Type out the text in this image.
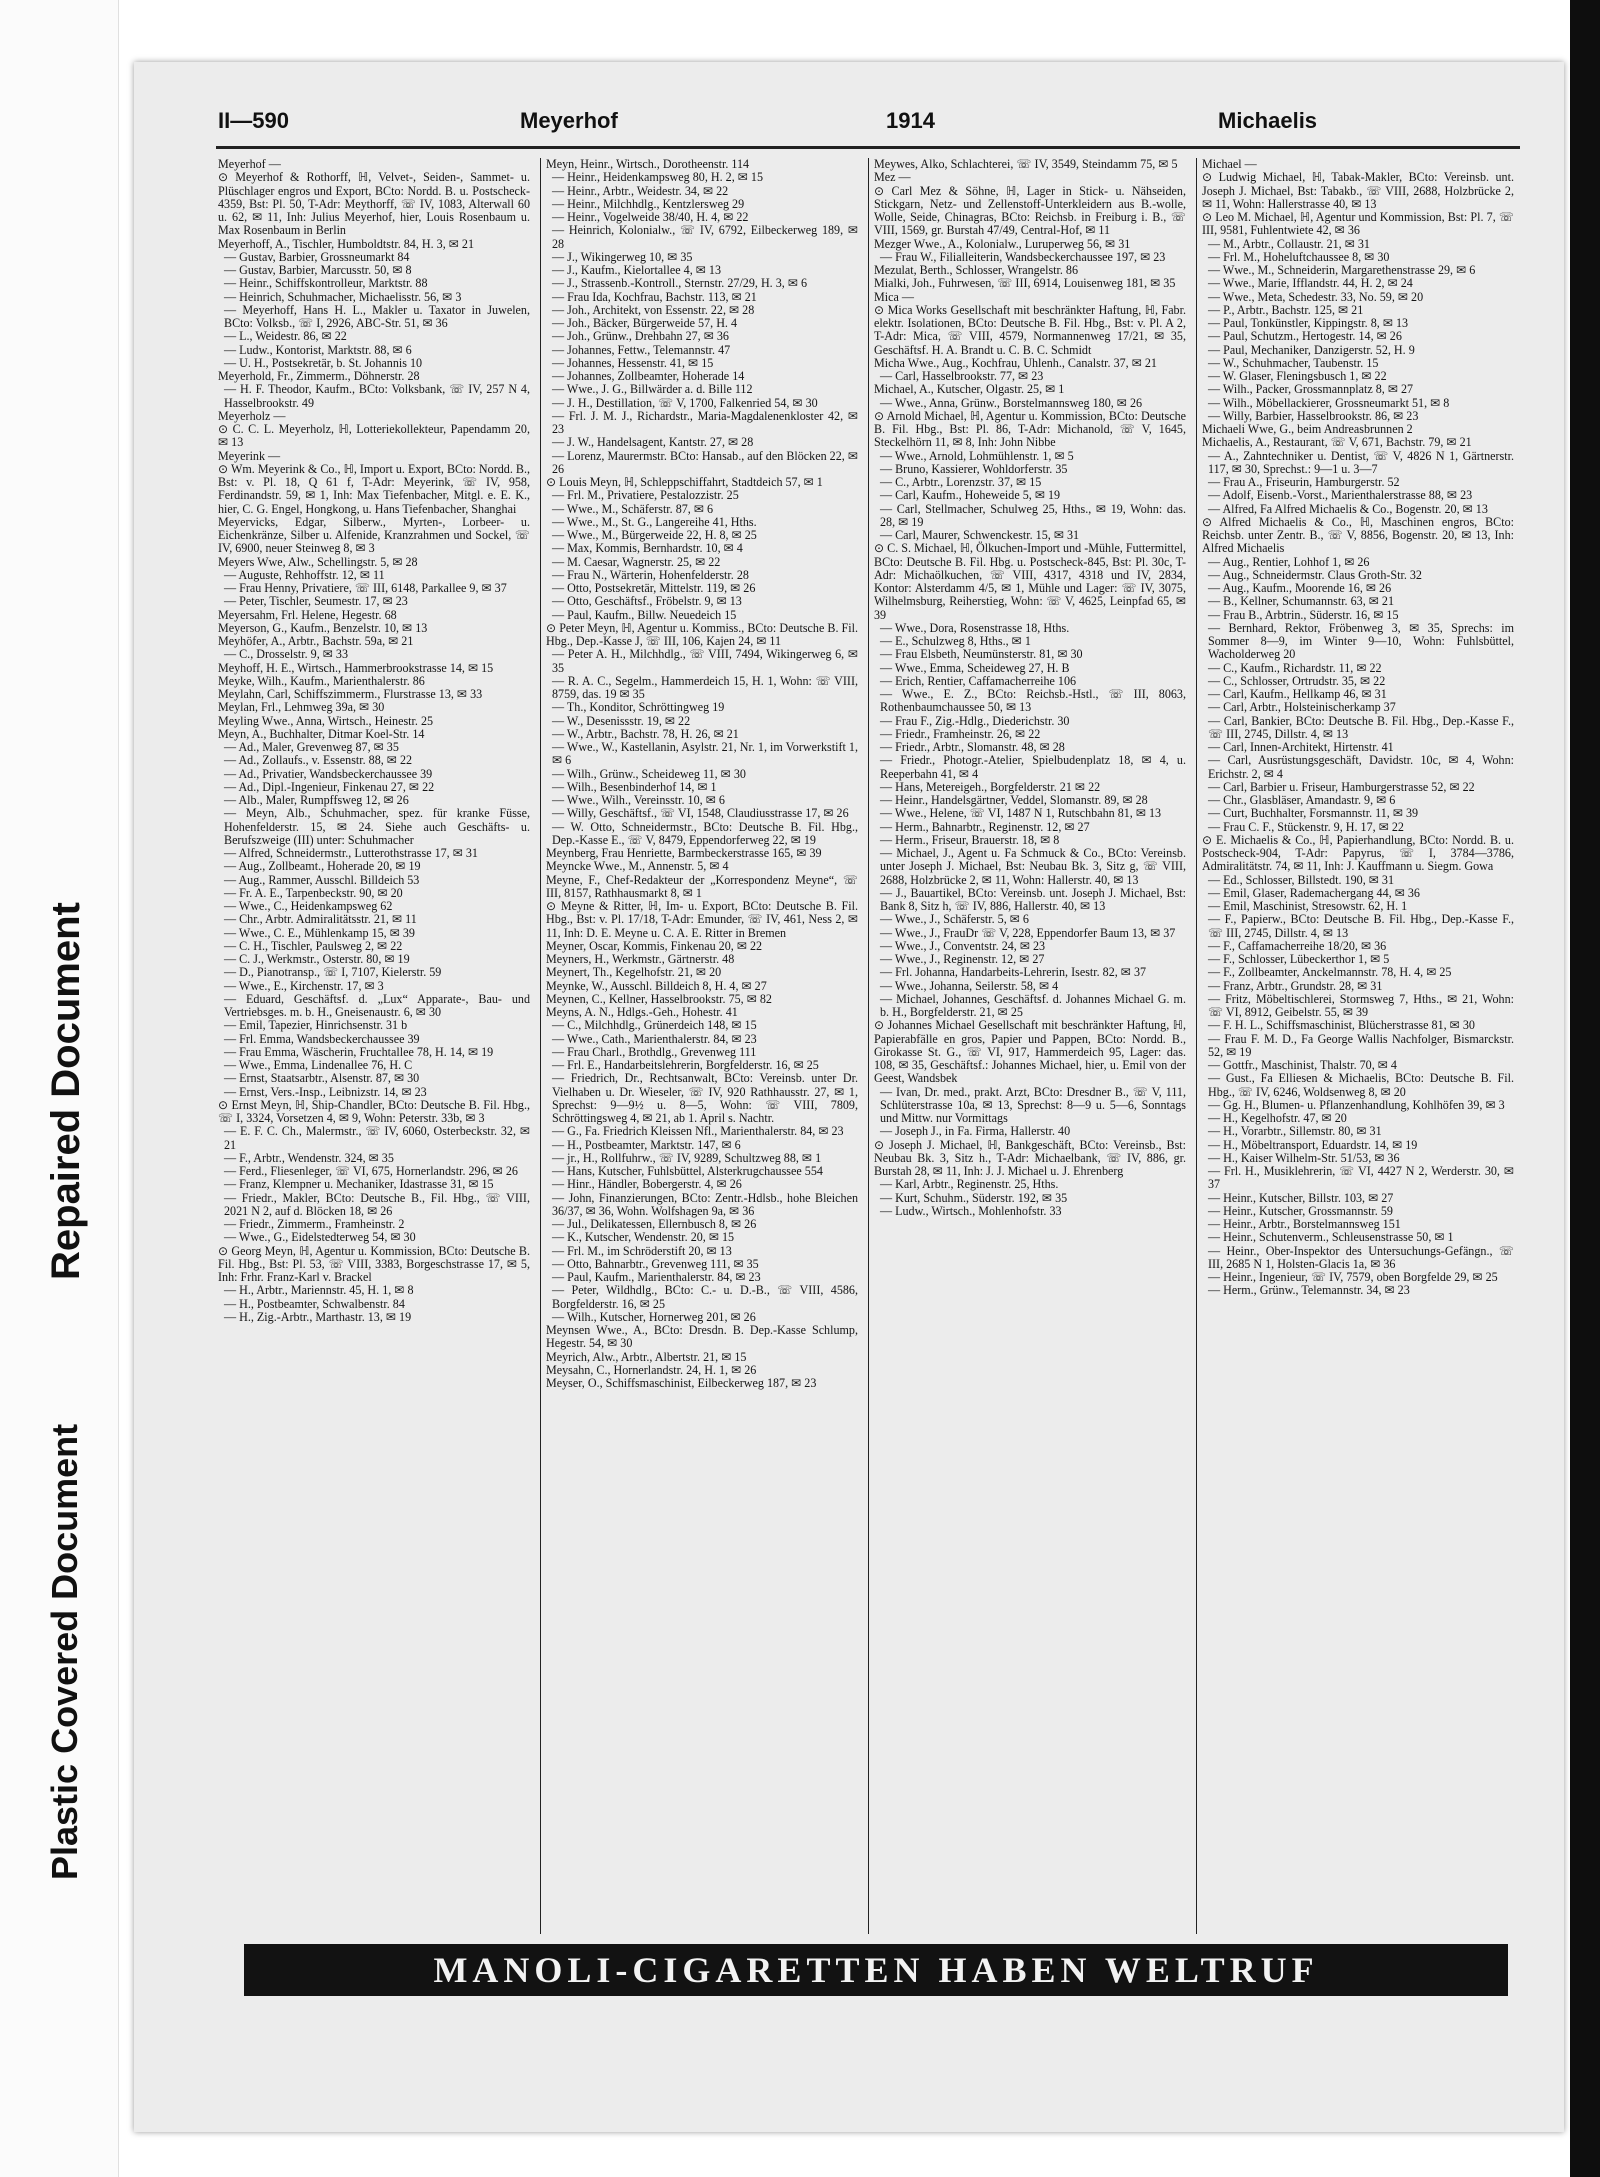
Repaired Document
Plastic Covered Document
II—590	Meyerhof	1914	Michaelis

Meyerhof —

⊙ Meyerhof & Rothorff, ℍ, Velvet-, Seiden-, Sammet- u. Plüschlager engros und Export, BCto: Nordd. B. u. Postscheck-4359, Bst: Pl. 50, T-Adr: Meythorff, ☏ IV, 1083, Alterwall 60 u. 62, ✉ 11, Inh: Julius Meyerhof, hier, Louis Rosenbaum u. Max Rosenbaum in Berlin

Meyerhoff, A., Tischler, Humboldtstr. 84, H. 3, ✉ 21

— Gustav, Barbier, Grossneumarkt 84

— Gustav, Barbier, Marcusstr. 50, ✉ 8

— Heinr., Schiffskontrolleur, Marktstr. 88

— Heinrich, Schuhmacher, Michaelisstr. 56, ✉ 3

— Meyerhoff, Hans H. L., Makler u. Taxator in Juwelen, BCto: Volksb., ☏ I, 2926, ABC-Str. 51, ✉ 36

— L., Weidestr. 86, ✉ 22

— Ludw., Kontorist, Marktstr. 88, ✉ 6

— U. H., Postsekretär, b. St. Johannis 10

Meyerhold, Fr., Zimmerm., Döhnerstr. 28

— H. F. Theodor, Kaufm., BCto: Volksbank, ☏ IV, 257 N 4, Hasselbrookstr. 49

Meyerholz —

⊙ C. C. L. Meyerholz, ℍ, Lotteriekollekteur, Papendamm 20, ✉ 13

Meyerink —

⊙ Wm. Meyerink & Co., ℍ, Import u. Export, BCto: Nordd. B., Bst: v. Pl. 18, Q 61 f, T-Adr: Meyerink, ☏ IV, 958, Ferdinandstr. 59, ✉ 1, Inh: Max Tiefenbacher, Mitgl. e. E. K., hier, C. G. Engel, Hongkong, u. Hans Tiefenbacher, Shanghai

Meyervicks, Edgar, Silberw., Myrten-, Lorbeer- u. Eichenkränze, Silber u. Alfenide, Kranzrahmen und Sockel, ☏ IV, 6900, neuer Steinweg 8, ✉ 3

Meyers Wwe, Alw., Schellingstr. 5, ✉ 28

— Auguste, Rehhoffstr. 12, ✉ 11

— Frau Henny, Privatiere, ☏ III, 6148, Parkallee 9, ✉ 37

— Peter, Tischler, Seumestr. 17, ✉ 23

Meyersahm, Frl. Helene, Hegestr. 68

Meyerson, G., Kaufm., Benzelstr. 10, ✉ 13

Meyhöfer, A., Arbtr., Bachstr. 59a, ✉ 21

— C., Drosselstr. 9, ✉ 33

Meyhoff, H. E., Wirtsch., Hammerbrookstrasse 14, ✉ 15

Meyke, Wilh., Kaufm., Marienthalerstr. 86

Meylahn, Carl, Schiffszimmerm., Flurstrasse 13, ✉ 33

Meylan, Frl., Lehmweg 39a, ✉ 30

Meyling Wwe., Anna, Wirtsch., Heinestr. 25

Meyn, A., Buchhalter, Ditmar Koel-Str. 14

— Ad., Maler, Grevenweg 87, ✉ 35

— Ad., Zollaufs., v. Essenstr. 88, ✉ 22

— Ad., Privatier, Wandsbeckerchaussee 39

— Ad., Dipl.-Ingenieur, Finkenau 27, ✉ 22

— Alb., Maler, Rumpffsweg 12, ✉ 26

— Meyn, Alb., Schuhmacher, spez. für kranke Füsse, Hohenfelderstr. 15, ✉ 24. Siehe auch Geschäfts- u. Berufszweige (III) unter: Schuhmacher

— Alfred, Schneidermstr., Lutterothstrasse 17, ✉ 31

— Aug., Zollbeamt., Hoherade 20, ✉ 19

— Aug., Rammer, Ausschl. Billdeich 53

— Fr. A. E., Tarpenbeckstr. 90, ✉ 20

— Wwe., C., Heidenkampsweg 62

— Chr., Arbtr. Admiralitätsstr. 21, ✉ 11

— Wwe., C. E., Mühlenkamp 15, ✉ 39

— C. H., Tischler, Paulsweg 2, ✉ 22

— C. J., Werkmstr., Osterstr. 80, ✉ 19

— D., Pianotransp., ☏ I, 7107, Kielerstr. 59

— Wwe., E., Kirchenstr. 17, ✉ 3

— Eduard, Geschäftsf. d. „Lux“ Apparate-, Bau- und Vertriebsges. m. b. H., Gneisenaustr. 6, ✉ 30

— Emil, Tapezier, Hinrichsenstr. 31 b

— Frl. Emma, Wandsbeckerchaussee 39

— Frau Emma, Wäscherin, Fruchtallee 78, H. 14, ✉ 19

— Wwe., Emma, Lindenallee 76, H. C

— Ernst, Staatsarbtr., Alsenstr. 87, ✉ 30

— Ernst, Vers.-Insp., Leibnizstr. 14, ✉ 23

⊙ Ernst Meyn, ℍ, Ship-Chandler, BCto: Deutsche B. Fil. Hbg., ☏ I, 3324, Vorsetzen 4, ✉ 9, Wohn: Peterstr. 33b, ✉ 3

— E. F. C. Ch., Malermstr., ☏ IV, 6060, Osterbeckstr. 32, ✉ 21

— F., Arbtr., Wendenstr. 324, ✉ 35

— Ferd., Fliesenleger, ☏ VI, 675, Hornerlandstr. 296, ✉ 26

— Franz, Klempner u. Mechaniker, Idastrasse 31, ✉ 15

— Friedr., Makler, BCto: Deutsche B., Fil. Hbg., ☏ VIII, 2021 N 2, auf d. Blöcken 18, ✉ 26

— Friedr., Zimmerm., Framheinstr. 2

— Wwe., G., Eidelstedterweg 54, ✉ 30

⊙ Georg Meyn, ℍ, Agentur u. Kommission, BCto: Deutsche B. Fil. Hbg., Bst: Pl. 53, ☏ VIII, 3383, Borgeschstrasse 17, ✉ 5, Inh: Frhr. Franz-Karl v. Brackel

— H., Arbtr., Mariennstr. 45, H. 1, ✉ 8

— H., Postbeamter, Schwalbenstr. 84

— H., Zig.-Arbtr., Marthastr. 13, ✉ 19

Meyn, Heinr., Wirtsch., Dorotheenstr. 114

— Heinr., Heidenkampsweg 80, H. 2, ✉ 15

— Heinr., Arbtr., Weidestr. 34, ✉ 22

— Heinr., Milchhdlg., Kentzlersweg 29

— Heinr., Vogelweide 38/40, H. 4, ✉ 22

— Heinrich, Kolonialw., ☏ IV, 6792, Eilbeckerweg 189, ✉ 28

— J., Wikingerweg 10, ✉ 35

— J., Kaufm., Kielortallee 4, ✉ 13

— J., Strassenb.-Kontroll., Sternstr. 27/29, H. 3, ✉ 6

— Frau Ida, Kochfrau, Bachstr. 113, ✉ 21

— Joh., Architekt, von Essenstr. 22, ✉ 28

— Joh., Bäcker, Bürgerweide 57, H. 4

— Joh., Grünw., Drehbahn 27, ✉ 36

— Johannes, Fettw., Telemannstr. 47

— Johannes, Hessenstr. 41, ✉ 15

— Johannes, Zollbeamter, Hoherade 14

— Wwe., J. G., Billwärder a. d. Bille 112

— J. H., Destillation, ☏ V, 1700, Falkenried 54, ✉ 30

— Frl. J. M. J., Richardstr., Maria-Magdalenenkloster 42, ✉ 23

— J. W., Handelsagent, Kantstr. 27, ✉ 28

— Lorenz, Maurermstr. BCto: Hansab., auf den Blöcken 22, ✉ 26

⊙ Louis Meyn, ℍ, Schleppschiffahrt, Stadtdeich 57, ✉ 1

— Frl. M., Privatiere, Pestalozzistr. 25

— Wwe., M., Schäferstr. 87, ✉ 6

— Wwe., M., St. G., Langereihe 41, Hths.

— Wwe., M., Bürgerweide 22, H. 8, ✉ 25

— Max, Kommis, Bernhardstr. 10, ✉ 4

— M. Caesar, Wagnerstr. 25, ✉ 22

— Frau N., Wärterin, Hohenfelderstr. 28

— Otto, Postsekretär, Mittelstr. 119, ✉ 26

— Otto, Geschäftsf., Fröbelstr. 9, ✉ 13

— Paul, Kaufm., Billw. Neuedeich 15

⊙ Peter Meyn, ℍ, Agentur u. Kommiss., BCto: Deutsche B. Fil. Hbg., Dep.-Kasse J, ☏ III, 106, Kajen 24, ✉ 11

— Peter A. H., Milchhdlg., ☏ VIII, 7494, Wikingerweg 6, ✉ 35

— R. A. C., Segelm., Hammerdeich 15, H. 1, Wohn: ☏ VIII, 8759, das. 19 ✉ 35

— Th., Konditor, Schröttingweg 19

— W., Desenissstr. 19, ✉ 22

— W., Arbtr., Bachstr. 78, H. 26, ✉ 21

— Wwe., W., Kastellanin, Asylstr. 21, Nr. 1, im Vorwerkstift 1, ✉ 6

— Wilh., Grünw., Scheideweg 11, ✉ 30

— Wilh., Besenbinderhof 14, ✉ 1

— Wwe., Wilh., Vereinsstr. 10, ✉ 6

— Willy, Geschäftsf., ☏ VI, 1548, Claudiusstrasse 17, ✉ 26

— W. Otto, Schneidermstr., BCto: Deutsche B. Fil. Hbg., Dep.-Kasse E., ☏ V, 8479, Eppendorferweg 22, ✉ 19

Meynberg, Frau Henriette, Barmbeckerstrasse 165, ✉ 39

Meyncke Wwe., M., Annenstr. 5, ✉ 4

Meyne, F., Chef-Redakteur der „Korrespondenz Meyne“, ☏ III, 8157, Rathhausmarkt 8, ✉ 1

⊙ Meyne & Ritter, ℍ, Im- u. Export, BCto: Deutsche B. Fil. Hbg., Bst: v. Pl. 17/18, T-Adr: Emunder, ☏ IV, 461, Ness 2, ✉ 11, Inh: D. E. Meyne u. C. A. E. Ritter in Bremen

Meyner, Oscar, Kommis, Finkenau 20, ✉ 22

Meyners, H., Werkmstr., Gärtnerstr. 48

Meynert, Th., Kegelhofstr. 21, ✉ 20

Meynke, W., Ausschl. Billdeich 8, H. 4, ✉ 27

Meynen, C., Kellner, Hasselbrookstr. 75, ✉ 82

Meyns, A. N., Hdlgs.-Geh., Hohestr. 41

— C., Milchhdlg., Grünerdeich 148, ✉ 15

— Wwe., Cath., Marienthalerstr. 84, ✉ 23

— Frau Charl., Brothdlg., Grevenweg 111

— Frl. E., Handarbeitslehrerin, Borgfelderstr. 16, ✉ 25

— Friedrich, Dr., Rechtsanwalt, BCto: Vereinsb. unter Dr. Vielhaben u. Dr. Wieseler, ☏ IV, 920 Rathhausstr. 27, ✉ 1, Sprechst: 9—9½ u. 8—5, Wohn: ☏ VIII, 7809, Schröttingsweg 4, ✉ 21, ab 1. April s. Nachtr.

— G., Fa. Friedrich Kleissen Nfl., Marienthalerstr. 84, ✉ 23

— H., Postbeamter, Marktstr. 147, ✉ 6

— jr., H., Rollfuhrw., ☏ IV, 9289, Schultzweg 88, ✉ 1

— Hans, Kutscher, Fuhlsbüttel, Alsterkrugchaussee 554

— Hinr., Händler, Bobergerstr. 4, ✉ 26

— John, Finanzierungen, BCto: Zentr.-Hdlsb., hohe Bleichen 36/37, ✉ 36, Wohn. Wolfshagen 9a, ✉ 36

— Jul., Delikatessen, Ellernbusch 8, ✉ 26

— K., Kutscher, Wendenstr. 20, ✉ 15

— Frl. M., im Schröderstift 20, ✉ 13

— Otto, Bahnarbtr., Grevenweg 111, ✉ 35

— Paul, Kaufm., Marienthalerstr. 84, ✉ 23

— Peter, Wildhdlg., BCto: C.- u. D.-B., ☏ VIII, 4586, Borgfelderstr. 16, ✉ 25

— Wilh., Kutscher, Hornerweg 201, ✉ 26

Meynsen Wwe., A., BCto: Dresdn. B. Dep.-Kasse Schlump, Hegestr. 54, ✉ 30

Meyrich, Alw., Arbtr., Albertstr. 21, ✉ 15

Meysahn, C., Hornerlandstr. 24, H. 1, ✉ 26

Meyser, O., Schiffsmaschinist, Eilbeckerweg 187, ✉ 23

Meywes, Alko, Schlachterei, ☏ IV, 3549, Steindamm 75, ✉ 5

Mez —

⊙ Carl Mez & Söhne, ℍ, Lager in Stick- u. Nähseiden, Stickgarn, Netz- und Zellenstoff-Unterkleidern aus B.-wolle, Wolle, Seide, Chinagras, BCto: Reichsb. in Freiburg i. B., ☏ VIII, 1569, gr. Burstah 47/49, Central-Hof, ✉ 11

Mezger Wwe., A., Kolonialw., Luruperweg 56, ✉ 31

— Frau W., Filialleiterin, Wandsbeckerchaussee 197, ✉ 23

Mezulat, Berth., Schlosser, Wrangelstr. 86

Mialki, Joh., Fuhrwesen, ☏ III, 6914, Louisenweg 181, ✉ 35

Mica —

⊙ Mica Works Gesellschaft mit beschränkter Haftung, ℍ, Fabr. elektr. Isolationen, BCto: Deutsche B. Fil. Hbg., Bst: v. Pl. A 2, T-Adr: Mica, ☏ VIII, 4579, Normannenweg 17/21, ✉ 35, Geschäftsf. H. A. Brandt u. C. B. C. Schmidt

Micha Wwe., Aug., Kochfrau, Uhlenh., Canalstr. 37, ✉ 21

— Carl, Hasselbrookstr. 77, ✉ 23

Michael, A., Kutscher, Olgastr. 25, ✉ 1

— Wwe., Anna, Grünw., Borstelmannsweg 180, ✉ 26

⊙ Arnold Michael, ℍ, Agentur u. Kommission, BCto: Deutsche B. Fil. Hbg., Bst: Pl. 86, T-Adr: Michanold, ☏ V, 1645, Steckelhörn 11, ✉ 8, Inh: John Nibbe

— Wwe., Arnold, Lohmühlenstr. 1, ✉ 5

— Bruno, Kassierer, Wohldorferstr. 35

— C., Arbtr., Lorenzstr. 37, ✉ 15

— Carl, Kaufm., Hoheweide 5, ✉ 19

— Carl, Stellmacher, Schulweg 25, Hths., ✉ 19, Wohn: das. 28, ✉ 19

— Carl, Maurer, Schwenckestr. 15, ✉ 31

⊙ C. S. Michael, ℍ, Ölkuchen-Import und -Mühle, Futtermittel, BCto: Deutsche B. Fil. Hbg. u. Postscheck-845, Bst: Pl. 30c, T-Adr: Michaölkuchen, ☏ VIII, 4317, 4318 und IV, 2834, Kontor: Alsterdamm 4/5, ✉ 1, Mühle und Lager: ☏ IV, 3075, Wilhelmsburg, Reiherstieg, Wohn: ☏ V, 4625, Leinpfad 65, ✉ 39

— Wwe., Dora, Rosenstrasse 18, Hths.

— E., Schulzweg 8, Hths., ✉ 1

— Frau Elsbeth, Neumünsterstr. 81, ✉ 30

— Wwe., Emma, Scheideweg 27, H. B

— Erich, Rentier, Caffamacherreihe 106

— Wwe., E. Z., BCto: Reichsb.-Hstl., ☏ III, 8063, Rothenbaumchaussee 50, ✉ 13

— Frau F., Zig.-Hdlg., Diederichstr. 30

— Friedr., Framheinstr. 26, ✉ 22

— Friedr., Arbtr., Slomanstr. 48, ✉ 28

— Friedr., Photogr.-Atelier, Spielbudenplatz 18, ✉ 4, u. Reeperbahn 41, ✉ 4

— Hans, Metereigeh., Borgfelderstr. 21 ✉ 22

— Heinr., Handelsgärtner, Veddel, Slomanstr. 89, ✉ 28

— Wwe., Helene, ☏ VI, 1487 N 1, Rutschbahn 81, ✉ 13

— Herm., Bahnarbtr., Reginenstr. 12, ✉ 27

— Herm., Friseur, Brauerstr. 18, ✉ 8

— Michael, J., Agent u. Fa Schmuck & Co., BCto: Vereinsb. unter Joseph J. Michael, Bst: Neubau Bk. 3, Sitz g, ☏ VIII, 2688, Holzbrücke 2, ✉ 11, Wohn: Hallerstr. 40, ✉ 13

— J., Bauartikel, BCto: Vereinsb. unt. Joseph J. Michael, Bst: Bank 8, Sitz h, ☏ IV, 886, Hallerstr. 40, ✉ 13

— Wwe., J., Schäferstr. 5, ✉ 6

— Wwe., J., FrauDr ☏ V, 228, Eppendorfer Baum 13, ✉ 37

— Wwe., J., Conventstr. 24, ✉ 23

— Wwe., J., Reginenstr. 12, ✉ 27

— Frl. Johanna, Handarbeits-Lehrerin, Isestr. 82, ✉ 37

— Wwe., Johanna, Seilerstr. 58, ✉ 4

— Michael, Johannes, Geschäftsf. d. Johannes Michael G. m. b. H., Borgfelderstr. 21, ✉ 25

⊙ Johannes Michael Gesellschaft mit beschränkter Haftung, ℍ, Papierabfälle en gros, Papier und Pappen, BCto: Nordd. B., Girokasse St. G., ☏ VI, 917, Hammerdeich 95, Lager: das. 108, ✉ 35, Geschäftsf.: Johannes Michael, hier, u. Emil von der Geest, Wandsbek

— Ivan, Dr. med., prakt. Arzt, BCto: Dresdner B., ☏ V, 111, Schlüterstrasse 10a, ✉ 13, Sprechst: 8—9 u. 5—6, Sonntags und Mittw. nur Vormittags

— Joseph J., in Fa. Firma, Hallerstr. 40

⊙ Joseph J. Michael, ℍ, Bankgeschäft, BCto: Vereinsb., Bst: Neubau Bk. 3, Sitz h., T-Adr: Michaelbank, ☏ IV, 886, gr. Burstah 28, ✉ 11, Inh: J. J. Michael u. J. Ehrenberg

— Karl, Arbtr., Reginenstr. 25, Hths.

— Kurt, Schuhm., Süderstr. 192, ✉ 35

— Ludw., Wirtsch., Mohlenhofstr. 33

Michael —

⊙ Ludwig Michael, ℍ, Tabak-Makler, BCto: Vereinsb. unt. Joseph J. Michael, Bst: Tabakb., ☏ VIII, 2688, Holzbrücke 2, ✉ 11, Wohn: Hallerstrasse 40, ✉ 13

⊙ Leo M. Michael, ℍ, Agentur und Kommission, Bst: Pl. 7, ☏ III, 9581, Fuhlentwiete 42, ✉ 36

— M., Arbtr., Collaustr. 21, ✉ 31

— Frl. M., Hoheluftchaussee 8, ✉ 30

— Wwe., M., Schneiderin, Margarethenstrasse 29, ✉ 6

— Wwe., Marie, Ifflandstr. 44, H. 2, ✉ 24

— Wwe., Meta, Schedestr. 33, No. 59, ✉ 20

— P., Arbtr., Bachstr. 125, ✉ 21

— Paul, Tonkünstler, Kippingstr. 8, ✉ 13

— Paul, Schutzm., Hertogestr. 14, ✉ 26

— Paul, Mechaniker, Danzigerstr. 52, H. 9

— W., Schuhmacher, Taubenstr. 15

— W. Glaser, Fleningsbusch 1, ✉ 22

— Wilh., Packer, Grossmannplatz 8, ✉ 27

— Wilh., Möbellackierer, Grossneumarkt 51, ✉ 8

— Willy, Barbier, Hasselbrookstr. 86, ✉ 23

Michaeli Wwe, G., beim Andreasbrunnen 2

Michaelis, A., Restaurant, ☏ V, 671, Bachstr. 79, ✉ 21

— A., Zahntechniker u. Dentist, ☏ V, 4826 N 1, Gärtnerstr. 117, ✉ 30, Sprechst.: 9—1 u. 3—7

— Frau A., Friseurin, Hamburgerstr. 52

— Adolf, Eisenb.-Vorst., Marienthalerstrasse 88, ✉ 23

— Alfred, Fa Alfred Michaelis & Co., Bogenstr. 20, ✉ 13

⊙ Alfred Michaelis & Co., ℍ, Maschinen engros, BCto: Reichsb. unter Zentr. B., ☏ V, 8856, Bogenstr. 20, ✉ 13, Inh: Alfred Michaelis

— Aug., Rentier, Lohhof 1, ✉ 26

— Aug., Schneidermstr. Claus Groth-Str. 32

— Aug., Kaufm., Moorende 16, ✉ 26

— B., Kellner, Schumannstr. 63, ✉ 21

— Frau B., Arbtrin., Süderstr. 16, ✉ 15

— Bernhard, Rektor, Fröbenweg 3, ✉ 35, Sprechs: im Sommer 8—9, im Winter 9—10, Wohn: Fuhlsbüttel, Wacholderweg 20

— C., Kaufm., Richardstr. 11, ✉ 22

— C., Schlosser, Ortrudstr. 35, ✉ 22

— Carl, Kaufm., Hellkamp 46, ✉ 31

— Carl, Arbtr., Holsteinischerkamp 37

— Carl, Bankier, BCto: Deutsche B. Fil. Hbg., Dep.-Kasse F., ☏ III, 2745, Dillstr. 4, ✉ 13

— Carl, Innen-Architekt, Hirtenstr. 41

— Carl, Ausrüstungsgeschäft, Davidstr. 10c, ✉ 4, Wohn: Erichstr. 2, ✉ 4

— Carl, Barbier u. Friseur, Hamburgerstrasse 52, ✉ 22

— Chr., Glasbläser, Amandastr. 9, ✉ 6

— Curt, Buchhalter, Forsmannstr. 11, ✉ 39

— Frau C. F., Stückenstr. 9, H. 17, ✉ 22

⊙ E. Michaelis & Co., ℍ, Papierhandlung, BCto: Nordd. B. u. Postscheck-904, T-Adr: Papyrus, ☏ I, 3784—3786, Admiralitätstr. 74, ✉ 11, Inh: J. Kauffmann u. Siegm. Gowa

— Ed., Schlosser, Billstedt. 190, ✉ 31

— Emil, Glaser, Rademachergang 44, ✉ 36

— Emil, Maschinist, Stresowstr. 62, H. 1

— F., Papierw., BCto: Deutsche B. Fil. Hbg., Dep.-Kasse F., ☏ III, 2745, Dillstr. 4, ✉ 13

— F., Caffamacherreihe 18/20, ✉ 36

— F., Schlosser, Lübeckerthor 1, ✉ 5

— F., Zollbeamter, Anckelmannstr. 78, H. 4, ✉ 25

— Franz, Arbtr., Grundstr. 28, ✉ 31

— Fritz, Möbeltischlerei, Stormsweg 7, Hths., ✉ 21, Wohn: ☏ VI, 8912, Geibelstr. 55, ✉ 39

— F. H. L., Schiffsmaschinist, Blücherstrasse 81, ✉ 30

— Frau F. M. D., Fa George Wallis Nachfolger, Bismarckstr. 52, ✉ 19

— Gottfr., Maschinist, Thalstr. 70, ✉ 4

— Gust., Fa Elliesen & Michaelis, BCto: Deutsche B. Fil. Hbg., ☏ IV, 6246, Woldsenweg 8, ✉ 20

— Gg. H., Blumen- u. Pflanzenhandlung, Kohlhöfen 39, ✉ 3

— H., Kegelhofstr. 47, ✉ 20

— H., Vorarbtr., Sillemstr. 80, ✉ 31

— H., Möbeltransport, Eduardstr. 14, ✉ 19

— H., Kaiser Wilhelm-Str. 51/53, ✉ 36

— Frl. H., Musiklehrerin, ☏ VI, 4427 N 2, Werderstr. 30, ✉ 37

— Heinr., Kutscher, Billstr. 103, ✉ 27

— Heinr., Kutscher, Grossmannstr. 59

— Heinr., Arbtr., Borstelmannsweg 151

— Heinr., Schutenverm., Schleusenstrasse 50, ✉ 1

— Heinr., Ober-Inspektor des Untersuchungs-Gefängn., ☏ III, 2685 N 1, Holsten-Glacis 1a, ✉ 36

— Heinr., Ingenieur, ☏ IV, 7579, oben Borgfelde 29, ✉ 25

— Herm., Grünw., Telemannstr. 34, ✉ 23

MANOLI-CIGARETTEN HABEN WELTRUF
